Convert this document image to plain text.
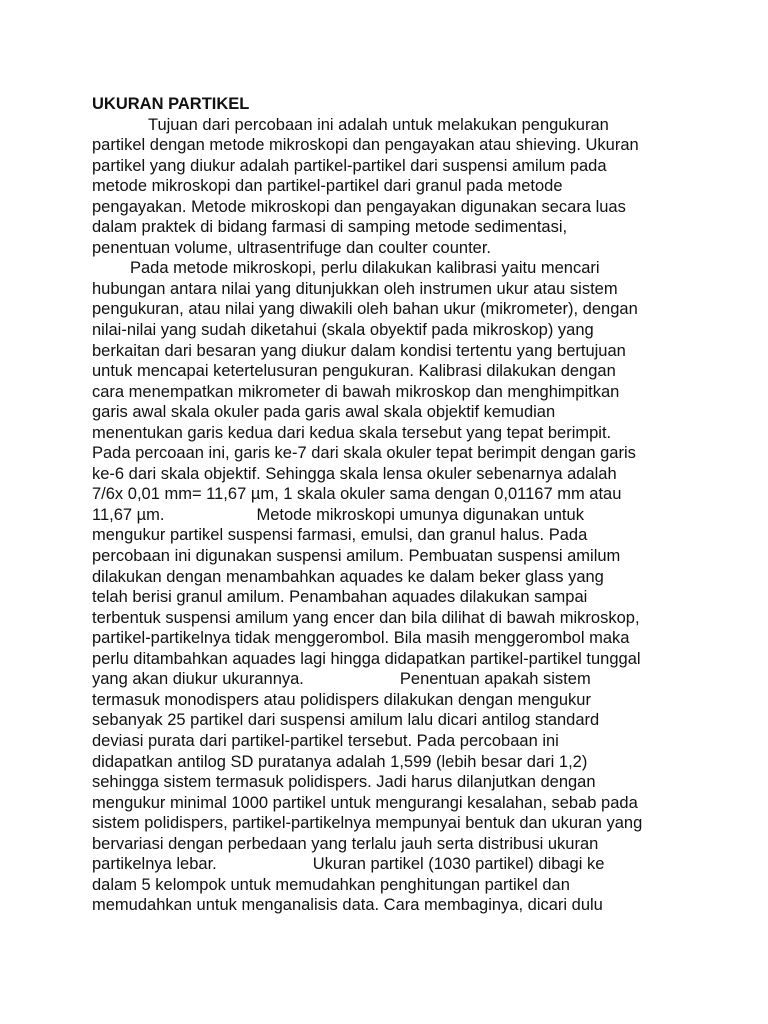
UKURAN PARTIKEL

Tujuan dari percobaan ini adalah untuk melakukan pengukuran

partikel dengan metode mikroskopi dan pengayakan atau shieving. Ukuran

partikel yang diukur adalah partikel-partikel dari suspensi amilum pada

metode mikroskopi dan partikel-partikel dari granul pada metode

pengayakan. Metode mikroskopi dan pengayakan digunakan secara luas

dalam praktek di bidang farmasi di samping metode sedimentasi,

penentuan volume, ultrasentrifuge dan coulter counter.

Pada metode mikroskopi, perlu dilakukan kalibrasi yaitu mencari

hubungan antara nilai yang ditunjukkan oleh instrumen ukur atau sistem

pengukuran, atau nilai yang diwakili oleh bahan ukur (mikrometer), dengan

nilai-nilai yang sudah diketahui (skala obyektif pada mikroskop) yang

berkaitan dari besaran yang diukur dalam kondisi tertentu yang bertujuan

untuk mencapai ketertelusuran pengukuran. Kalibrasi dilakukan dengan

cara menempatkan mikrometer di bawah mikroskop dan menghimpitkan

garis awal skala okuler pada garis awal skala objektif kemudian

menentukan garis kedua dari kedua skala tersebut yang tepat berimpit.

Pada percoaan ini, garis ke-7 dari skala okuler tepat berimpit dengan garis

ke-6 dari skala objektif. Sehingga skala lensa okuler sebenarnya adalah

7/6x 0,01 mm= 11,67 µm, 1 skala okuler sama dengan 0,01167 mm atau

11,67 µm.	Metode mikroskopi umunya digunakan untuk

mengukur partikel suspensi farmasi, emulsi, dan granul halus. Pada

percobaan ini digunakan suspensi amilum. Pembuatan suspensi amilum

dilakukan dengan menambahkan aquades ke dalam beker glass yang

telah berisi granul amilum. Penambahan aquades dilakukan sampai

terbentuk suspensi amilum yang encer dan bila dilihat di bawah mikroskop,

partikel-partikelnya tidak menggerombol. Bila masih menggerombol maka

perlu ditambahkan aquades lagi hingga didapatkan partikel-partikel tunggal

yang akan diukur ukurannya.	Penentuan apakah sistem

termasuk monodispers atau polidispers dilakukan dengan mengukur

sebanyak 25 partikel dari suspensi amilum lalu dicari antilog standard

deviasi purata dari partikel-partikel tersebut. Pada percobaan ini

didapatkan antilog SD puratanya adalah 1,599 (lebih besar dari 1,2)

sehingga sistem termasuk polidispers. Jadi harus dilanjutkan dengan

mengukur minimal 1000 partikel untuk mengurangi kesalahan, sebab pada

sistem polidispers, partikel-partikelnya mempunyai bentuk dan ukuran yang

bervariasi dengan perbedaan yang terlalu jauh serta distribusi ukuran

partikelnya lebar.	Ukuran partikel (1030 partikel) dibagi ke

dalam 5 kelompok untuk memudahkan penghitungan partikel dan

memudahkan untuk menganalisis data. Cara membaginya, dicari dulu
